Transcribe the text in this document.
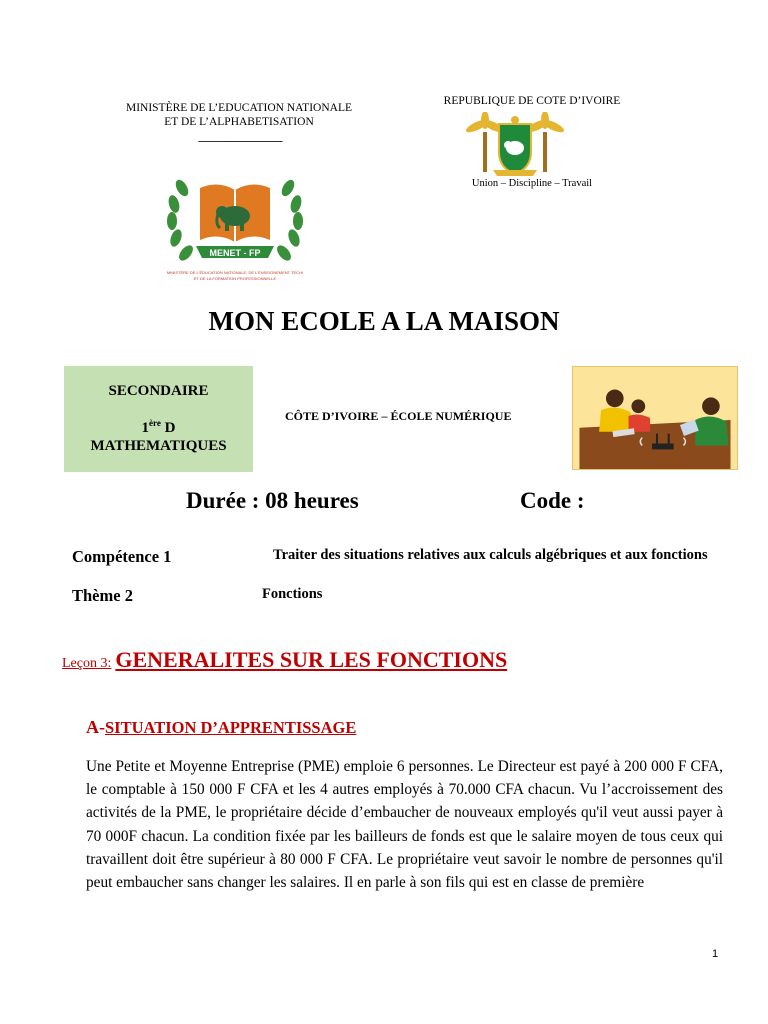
MINISTÈRE DE L’EDUCATION NATIONALE
ET DE L’ALPHABETISATION
------------------------------------
MENET - FP
MINISTÈRE DE L'ÉDUCATION NATIONALE, DE L'ENSEIGNEMENT TECHI
ET DE LA FORMATION PROFESSIONNELLE
REPUBLIQUE DE COTE D’IVOIRE
Union – Discipline – Travail
MON ECOLE A LA MAISON
SECONDAIRE
1ère D
MATHEMATIQUES
CÔTE D’IVOIRE – ÉCOLE NUMÉRIQUE
Durée : 08 heures	Code :
Compétence 1	Traiter des situations relatives aux calculs algébriques et aux fonctions
Thème 2	Fonctions
Leçon 3: GENERALITES SUR LES FONCTIONS
A-SITUATION D’APPRENTISSAGE
Une Petite et Moyenne Entreprise (PME) emploie 6 personnes. Le Directeur est payé à 200 000 F CFA, le comptable à 150 000 F CFA et les 4 autres employés à 70.000 CFA chacun. Vu l’accroissement des activités de la PME, le propriétaire décide d’embaucher de nouveaux employés qu'il veut aussi payer à 70 000F chacun. La condition fixée par les bailleurs de fonds est que le salaire moyen de tous ceux qui travaillent doit être supérieur à 80 000 F CFA. Le propriétaire veut savoir le nombre de personnes qu'il peut embaucher sans changer les salaires. Il en parle à son fils qui est en classe de première
1
